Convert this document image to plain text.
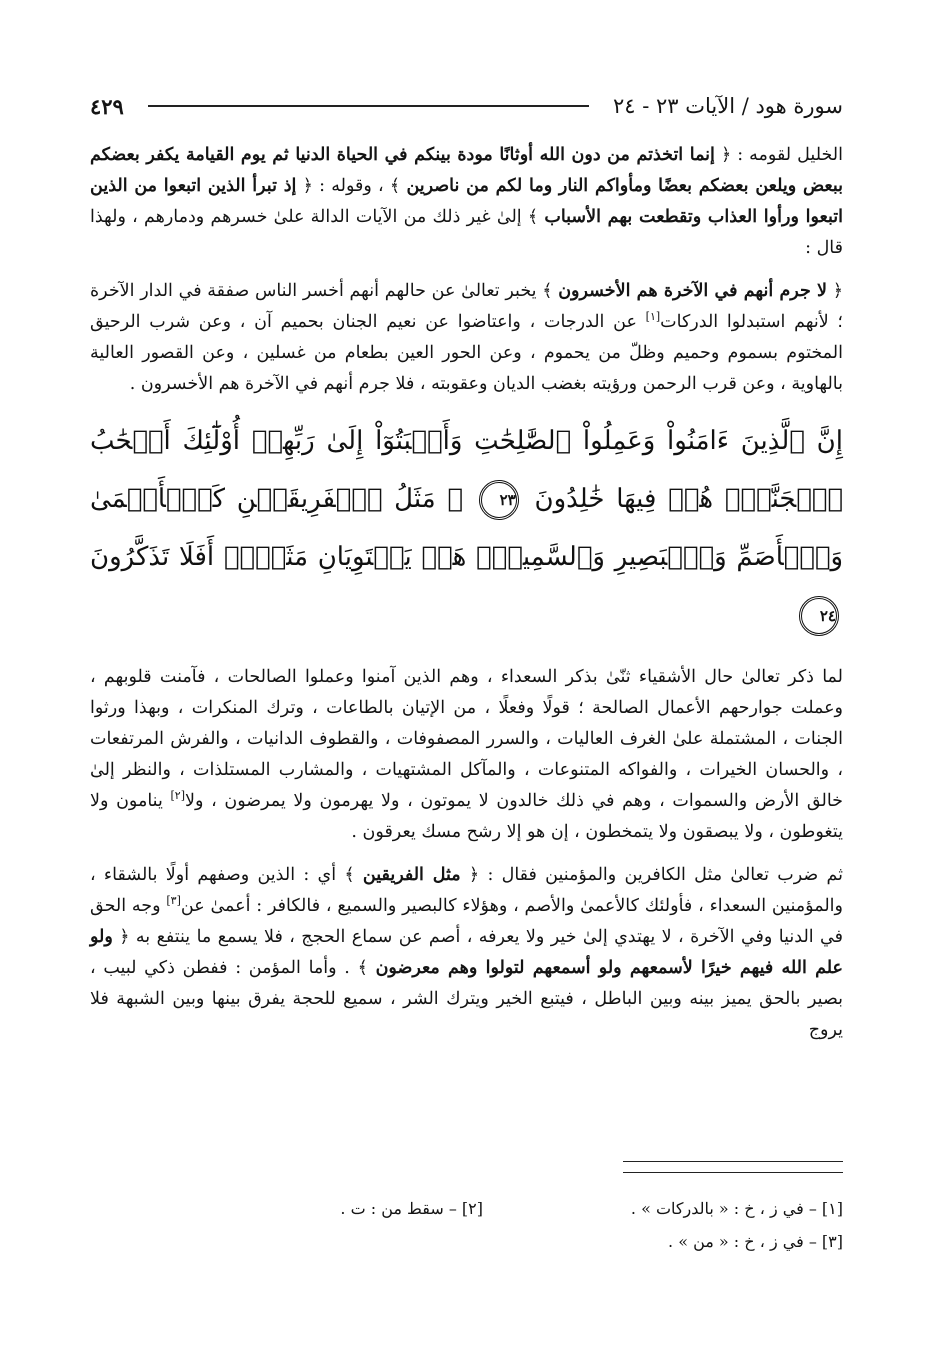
سورة هود / الآيات ٢٣ - ٢٤
٤٢٩

الخليل لقومه : ﴿ إنما اتخذتم من دون الله أوثانًا مودة بينكم في الحياة الدنيا ثم يوم القيامة يكفر بعضكم ببعض ويلعن بعضكم بعضًا ومأواكم النار وما لكم من ناصرين ﴾ ، وقوله : ﴿ إذ تبرأ الذين اتبعوا من الذين اتبعوا ورأوا العذاب وتقطعت بهم الأسباب ﴾ إلىٰ غير ذلك من الآيات الدالة علىٰ خسرهم ودمارهم ، ولهذا قال :

﴿ لا جرم أنهم في الآخرة هم الأخسرون ﴾ يخبر تعالىٰ عن حالهم أنهم أخسر الناس صفقة في الدار الآخرة ؛ لأنهم استبدلوا الدركات[١] عن الدرجات ، واعتاضوا عن نعيم الجنان بحميم آن ، وعن شرب الرحيق المختوم بسموم وحميم وظلّ من يحموم ، وعن الحور العين بطعام من غسلين ، وعن القصور العالية بالهاوية ، وعن قرب الرحمن ورؤيته بغضب الديان وعقوبته ، فلا جرم أنهم في الآخرة هم الأخسرون .

إِنَّ ٱلَّذِينَ ءَامَنُواْ وَعَمِلُواْ ٱلصَّٰلِحَٰتِ وَأَخۡبَتُوٓاْ إِلَىٰ رَبِّهِمۡ أُوْلَٰٓئِكَ أَصۡحَٰبُ ٱلۡجَنَّةِۖ هُمۡ فِيهَا خَٰلِدُونَ ٢٣ ۞ مَثَلُ ٱلۡفَرِيقَيۡنِ كَٱلۡأَعۡمَىٰ وَٱلۡأَصَمِّ وَٱلۡبَصِيرِ وَٱلسَّمِيعِۚ هَلۡ يَسۡتَوِيَانِ مَثَلًاۚ أَفَلَا تَذَكَّرُونَ ٢٤

لما ذكر تعالىٰ حال الأشقياء ثنّىٰ بذكر السعداء ، وهم الذين آمنوا وعملوا الصالحات ، فآمنت قلوبهم ، وعملت جوارحهم الأعمال الصالحة ؛ قولًا وفعلًا ، من الإتيان بالطاعات ، وترك المنكرات ، وبهذا ورثوا الجنات ، المشتملة علىٰ الغرف العاليات ، والسرر المصفوفات ، والقطوف الدانيات ، والفرش المرتفعات ، والحسان الخيرات ، والفواكه المتنوعات ، والمآكل المشتهيات ، والمشارب المستلذات ، والنظر إلىٰ خالق الأرض والسموات ، وهم في ذلك خالدون لا يموتون ، ولا يهرمون ولا يمرضون ، ولا[٢] ينامون ولا يتغوطون ، ولا يبصقون ولا يتمخطون ، إن هو إلا رشح مسك يعرقون .

ثم ضرب تعالىٰ مثل الكافرين والمؤمنين فقال : ﴿ مثل الفريقين ﴾ أي : الذين وصفهم أولًا بالشقاء ، والمؤمنين السعداء ، فأولئك كالأعمىٰ والأصم ، وهؤلاء كالبصير والسميع ، فالكافر : أعمىٰ عن[٣] وجه الحق في الدنيا وفي الآخرة ، لا يهتدي إلىٰ خير ولا يعرفه ، أصم عن سماع الحجج ، فلا يسمع ما ينتفع به ﴿ ولو علم الله فيهم خيرًا لأسمعهم ولو أسمعهم لتولوا وهم معرضون ﴾ . وأما المؤمن : ففطن ذكي لبيب ، بصير بالحق يميز بينه وبين الباطل ، فيتبع الخير ويترك الشر ، سميع للحجة يفرق بينها وبين الشبهة فلا يروج

[١] – في ز ، خ : « بالدركات » .
[٢] – سقط من : ت .
[٣] – في ز ، خ : « من » .
